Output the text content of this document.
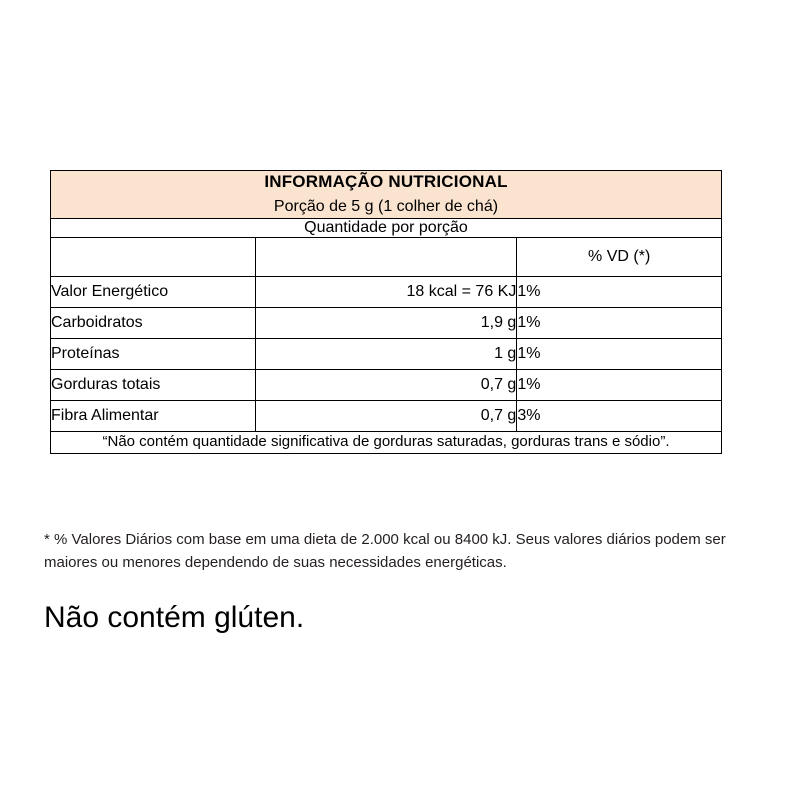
INFORMAÇÃO NUTRICIONAL
Porção de 5 g (1 colher de chá)		

Quantidade por porção		
		% VD (*)
Valor Energético	18 kcal = 76 KJ	1%
Carboidratos	1,9 g	1%
Proteínas	1 g	1%
Gorduras totais	0,7 g	1%
Fibra Alimentar	0,7 g	3%
“Não contém quantidade significativa de gorduras saturadas, gorduras trans e sódio”.		
* % Valores Diários com base em uma dieta de 2.000 kcal ou 8400 kJ. Seus valores diários podem ser maiores ou menores dependendo de suas necessidades energéticas.
Não contém glúten.
